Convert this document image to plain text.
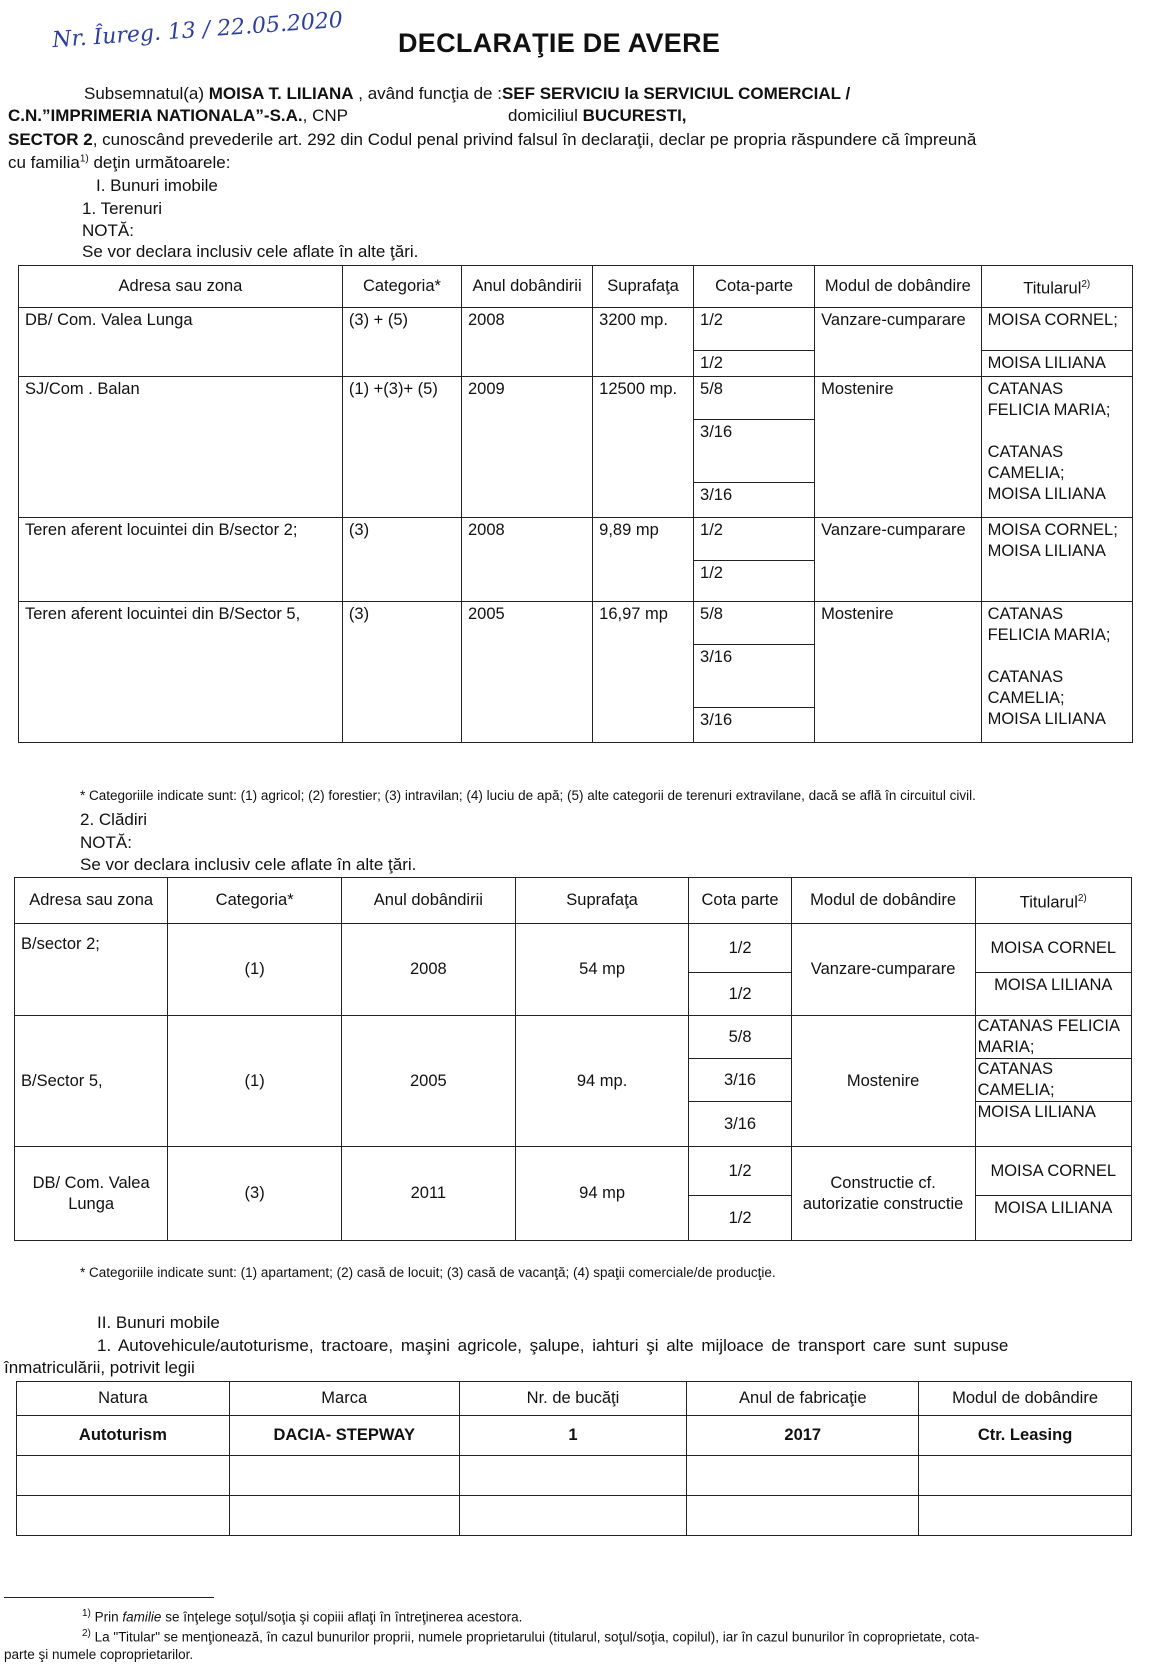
Nr. Îureg. 13 / 22.05.2020 DECLARAŢIE DE AVERE
Subsemnatul(a) MOISA T. LILIANA , având funcţia de :SEF SERVICIU la SERVICIUL COMERCIAL /
C.N.”IMPRIMERIA NATIONALA”-S.A., CNP	domiciliul BUCURESTI,
SECTOR 2, cunoscând prevederile art. 292 din Codul penal privind falsul în declaraţii, declar pe propria răspundere că împreună
cu familia$^{1)}$ deţin următoarele:
I. Bunuri imobile
1. Terenuri
NOTĂ:
Se vor declara inclusiv cele aflate în alte ţări.
Adresa sau zona	Categoria*	Anul dobândirii	Suprafaţa	Cota-parte	Modul de dobândire	Titularul$^{2)}$
DB/ Com. Valea Lunga	(3) + (5)	2008	3200 mp.	1/2	Vanzare-cumparare	MOISA CORNEL;
				1/2		MOISA LILIANA
SJ/Com . Balan	(1) +(3)+ (5)	2009	12500 mp.	5/8	Mostenire	CATANAS FELICIA MARIA;
CATANAS CAMELIA;
MOISA LILIANA

				3/16		
				3/16		
Teren aferent locuintei din B/sector 2;	(3)	2008	9,89 mp	1/2	Vanzare-cumparare	MOISA CORNEL;
MOISA LILIANA

				1/2		
Teren aferent locuintei din B/Sector 5,	(3)	2005	16,97 mp	5/8	Mostenire	CATANAS FELICIA MARIA;
CATANAS CAMELIA;
MOISA LILIANA

				3/16		
				3/16		
* Categoriile indicate sunt: (1) agricol; (2) forestier; (3) intravilan; (4) luciu de apă; (5) alte categorii de terenuri extravilane, dacă se află în circuitul civil.
2. Clădiri
NOTĂ:
Se vor declara inclusiv cele aflate în alte ţări.
Adresa sau zona	Categoria*	Anul dobândirii	Suprafaţa	Cota parte	Modul de dobândire	Titularul$^{2)}$
B/sector 2;	(1)	2008	54 mp	1/2	Vanzare-cumparare	MOISA CORNEL
				1/2		MOISA LILIANA
B/Sector 5,	(1)	2005	94 mp.	5/8	Mostenire	CATANAS FELICIA MARIA;
				3/16		CATANAS CAMELIA;
				3/16		MOISA LILIANA
DB/ Com. Valea Lunga	(3)	2011	94 mp	1/2	Constructie cf. autorizatie constructie	MOISA CORNEL
				1/2		MOISA LILIANA
* Categoriile indicate sunt: (1) apartament; (2) casă de locuit; (3) casă de vacanţă; (4) spaţii comerciale/de producţie.
II. Bunuri mobile
1. Autovehicule/autoturisme, tractoare, maşini agricole, şalupe, iahturi şi alte mijloace de transport care sunt supuse
înmatriculării, potrivit legii
Natura	Marca	Nr. de bucăţi	Anul de fabricaţie	Modul de dobândire
Autoturism	DACIA- STEPWAY	1	2017	Ctr. Leasing

$^{1)}$ Prin familie se înţelege soţul/soţia şi copiii aflaţi în întreţinerea acestora.
$^{2)}$ La "Titular" se menţionează, în cazul bunurilor proprii, numele proprietarului (titularul, soţul/soţia, copilul), iar în cazul bunurilor în coproprietate, cota-
parte şi numele coproprietarilor.
